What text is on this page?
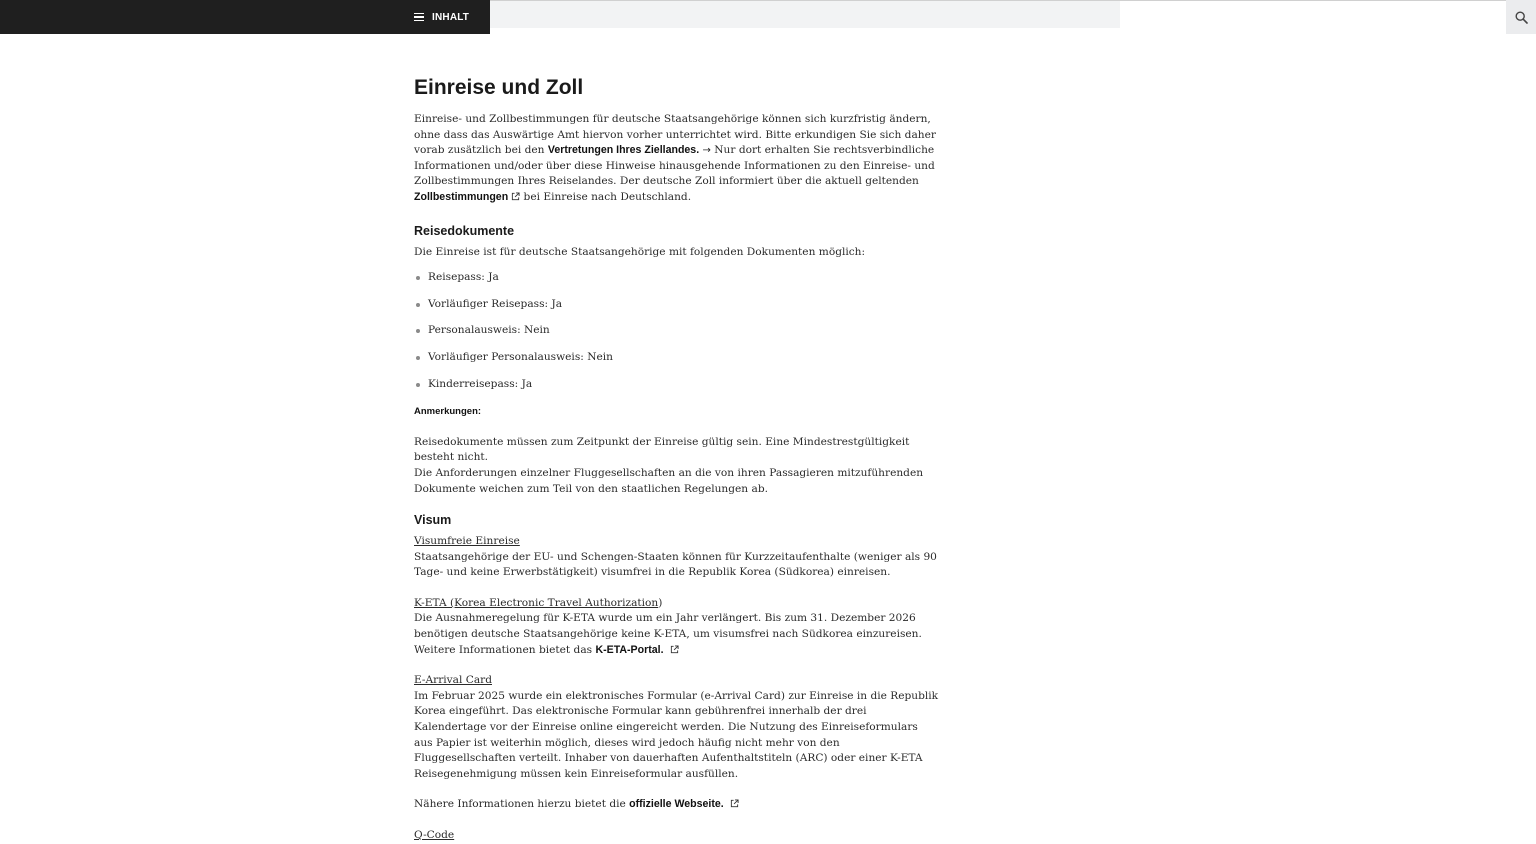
INHALT
Einreise und Zoll

Einreise- und Zollbestimmungen für deutsche Staatsangehörige können sich kurzfristig ändern, ohne dass das Auswärtige Amt hiervon vorher unterrichtet wird. Bitte erkundigen Sie sich daher vorab zusätzlich bei den Vertretungen Ihres Ziellandes. → Nur dort erhalten Sie rechtsverbindliche Informationen und/oder über diese Hinweise hinausgehende Informationen zu den Einreise- und Zollbestimmungen Ihres Reiselandes. Der deutsche Zoll informiert über die aktuell geltenden Zollbestimmungen bei Einreise nach Deutschland.

Reisedokumente

Die Einreise ist für deutsche Staatsangehörige mit folgenden Dokumenten möglich:

Reisepass: Ja
Vorläufiger Reisepass: Ja
Personalausweis: Nein
Vorläufiger Personalausweis: Nein
Kinderreisepass: Ja

Anmerkungen:

Reisedokumente müssen zum Zeitpunkt der Einreise gültig sein. Eine Mindestrestgültigkeit besteht nicht.
Die Anforderungen einzelner Fluggesellschaften an die von ihren Passagieren mitzuführenden Dokumente weichen zum Teil von den staatlichen Regelungen ab.

Visum

Visumfreie Einreise
Staatsangehörige der EU- und Schengen-Staaten können für Kurzzeitaufenthalte (weniger als 90 Tage- und keine Erwerbstätigkeit) visumfrei in die Republik Korea (Südkorea) einreisen.

K-ETA (Korea Electronic Travel Authorization)
Die Ausnahmeregelung für K-ETA wurde um ein Jahr verlängert. Bis zum 31. Dezember 2026 benötigen deutsche Staatsangehörige keine K-ETA, um visumsfrei nach Südkorea einzureisen. Weitere Informationen bietet das K-ETA-Portal.

E-Arrival Card
Im Februar 2025 wurde ein elektronisches Formular (e-Arrival Card) zur Einreise in die Republik Korea eingeführt. Das elektronische Formular kann gebührenfrei innerhalb der drei Kalendertage vor der Einreise online eingereicht werden. Die Nutzung des Einreiseformulars aus Papier ist weiterhin möglich, dieses wird jedoch häufig nicht mehr von den Fluggesellschaften verteilt. Inhaber von dauerhaften Aufenthaltstiteln (ARC) oder einer K-ETA Reisegenehmigung müssen kein Einreiseformular ausfüllen.

Nähere Informationen hierzu bietet die offizielle Webseite.

Q-Code
